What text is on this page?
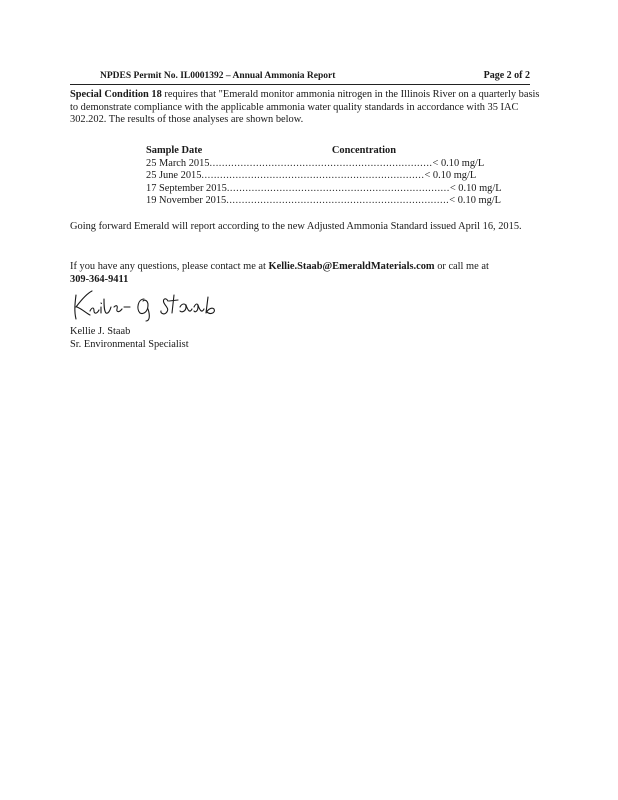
NPDES Permit No. IL0001392 – Annual Ammonia Report	Page 2 of 2
Special Condition 18 requires that "Emerald monitor ammonia nitrogen in the Illinois River on a quarterly basis to demonstrate compliance with the applicable ammonia water quality standards in accordance with 35 IAC 302.202. The results of those analyses are shown below.
Sample Date	Concentration
25 March 2015 ........................................................................ < 0.10 mg/L
25 June 2015 ........................................................................ < 0.10 mg/L
17 September 2015 ........................................................................ < 0.10 mg/L
19 November 2015 ........................................................................ < 0.10 mg/L
Going forward Emerald will report according to the new Adjusted Ammonia Standard issued April 16, 2015.
If you have any questions, please contact me at Kellie.Staab@EmeraldMaterials.com or call me at
309-364-9411
Kellie J. Staab
Sr. Environmental Specialist
